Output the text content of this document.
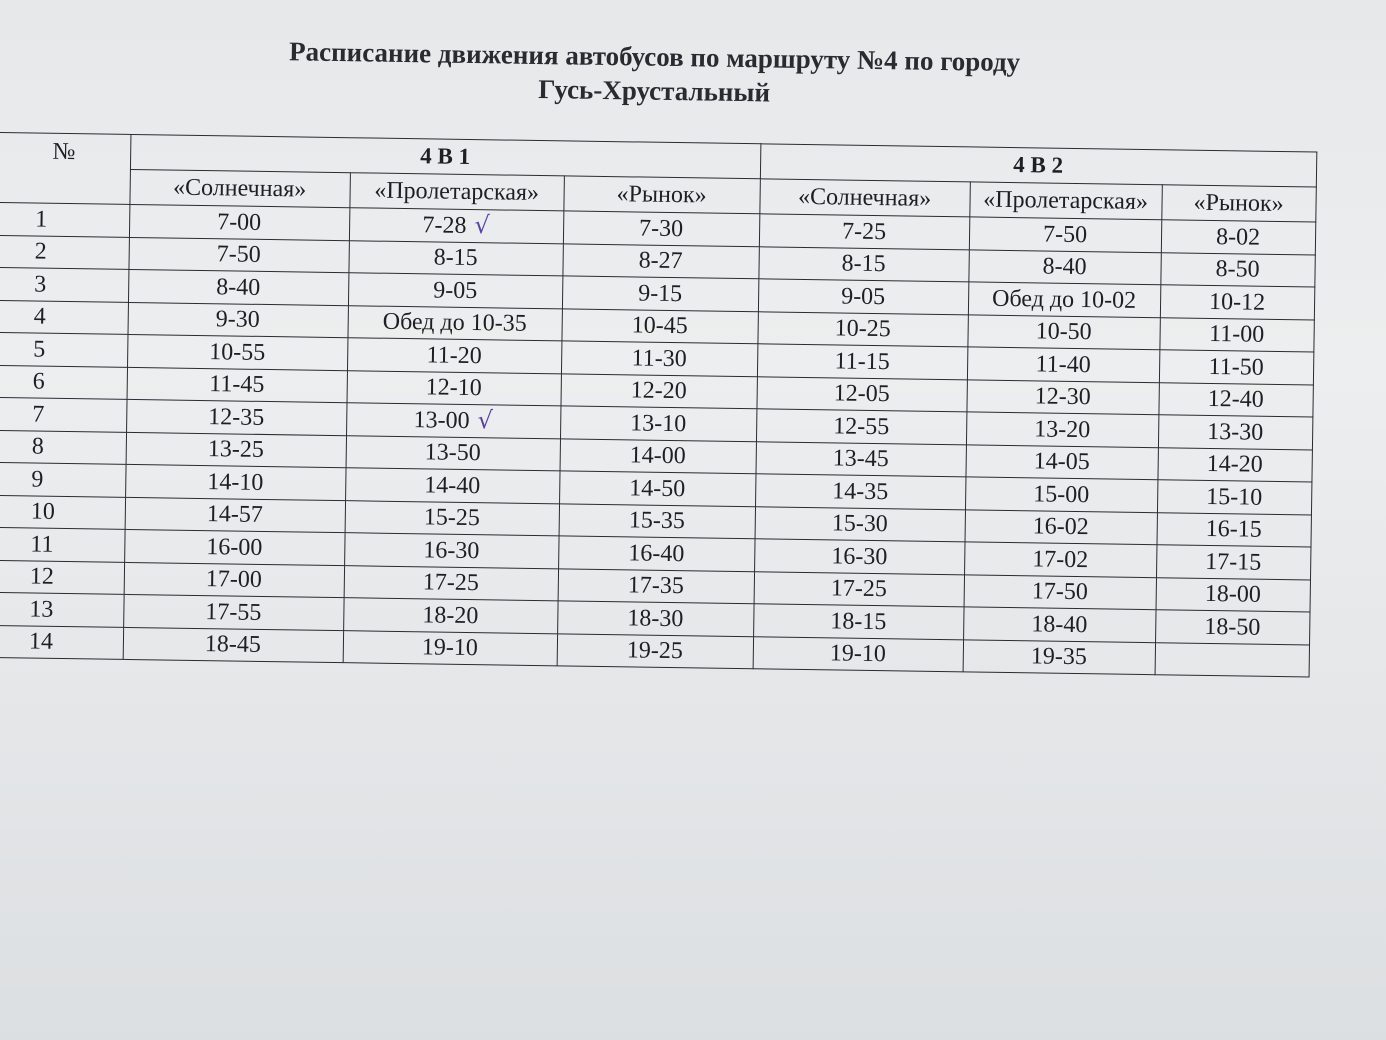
Расписание движения автобусов по маршруту №4 по городу
Гусь-Хрустальный
№	4 В 1			4 В 2		
	«Солнечная»	«Пролетарская»	«Рынок»	«Солнечная»	«Пролетарская»	«Рынок»
1	7-00	7-28 √	7-30	7-25	7-50	8-02
2	7-50	8-15	8-27	8-15	8-40	8-50
3	8-40	9-05	9-15	9-05	Обед до 10-02	10-12
4	9-30	Обед до 10-35	10-45	10-25	10-50	11-00
5	10-55	11-20	11-30	11-15	11-40	11-50
6	11-45	12-10	12-20	12-05	12-30	12-40
7	12-35	13-00 √	13-10	12-55	13-20	13-30
8	13-25	13-50	14-00	13-45	14-05	14-20
9	14-10	14-40	14-50	14-35	15-00	15-10
10	14-57	15-25	15-35	15-30	16-02	16-15
11	16-00	16-30	16-40	16-30	17-02	17-15
12	17-00	17-25	17-35	17-25	17-50	18-00
13	17-55	18-20	18-30	18-15	18-40	18-50
14	18-45	19-10	19-25	19-10	19-35	
